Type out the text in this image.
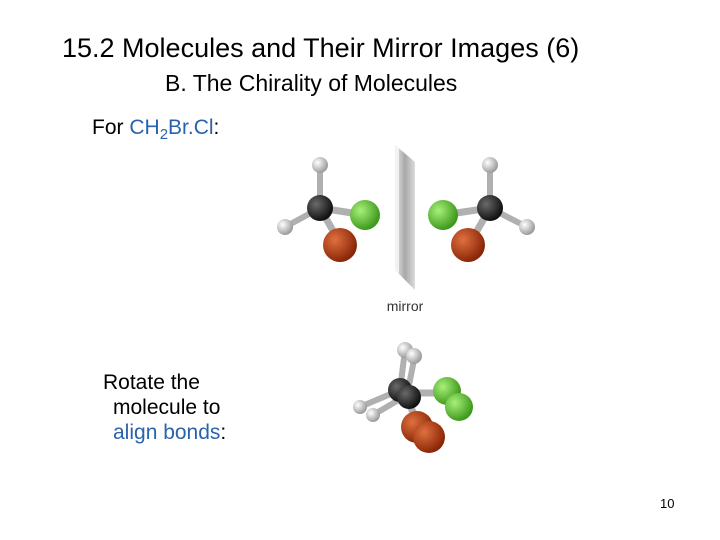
15.2 Molecules and Their Mirror Images (6)
B. The Chirality of Molecules
For $CH_2Br.Cl$:
mirror
Rotate the
molecule to
align bonds:
10
